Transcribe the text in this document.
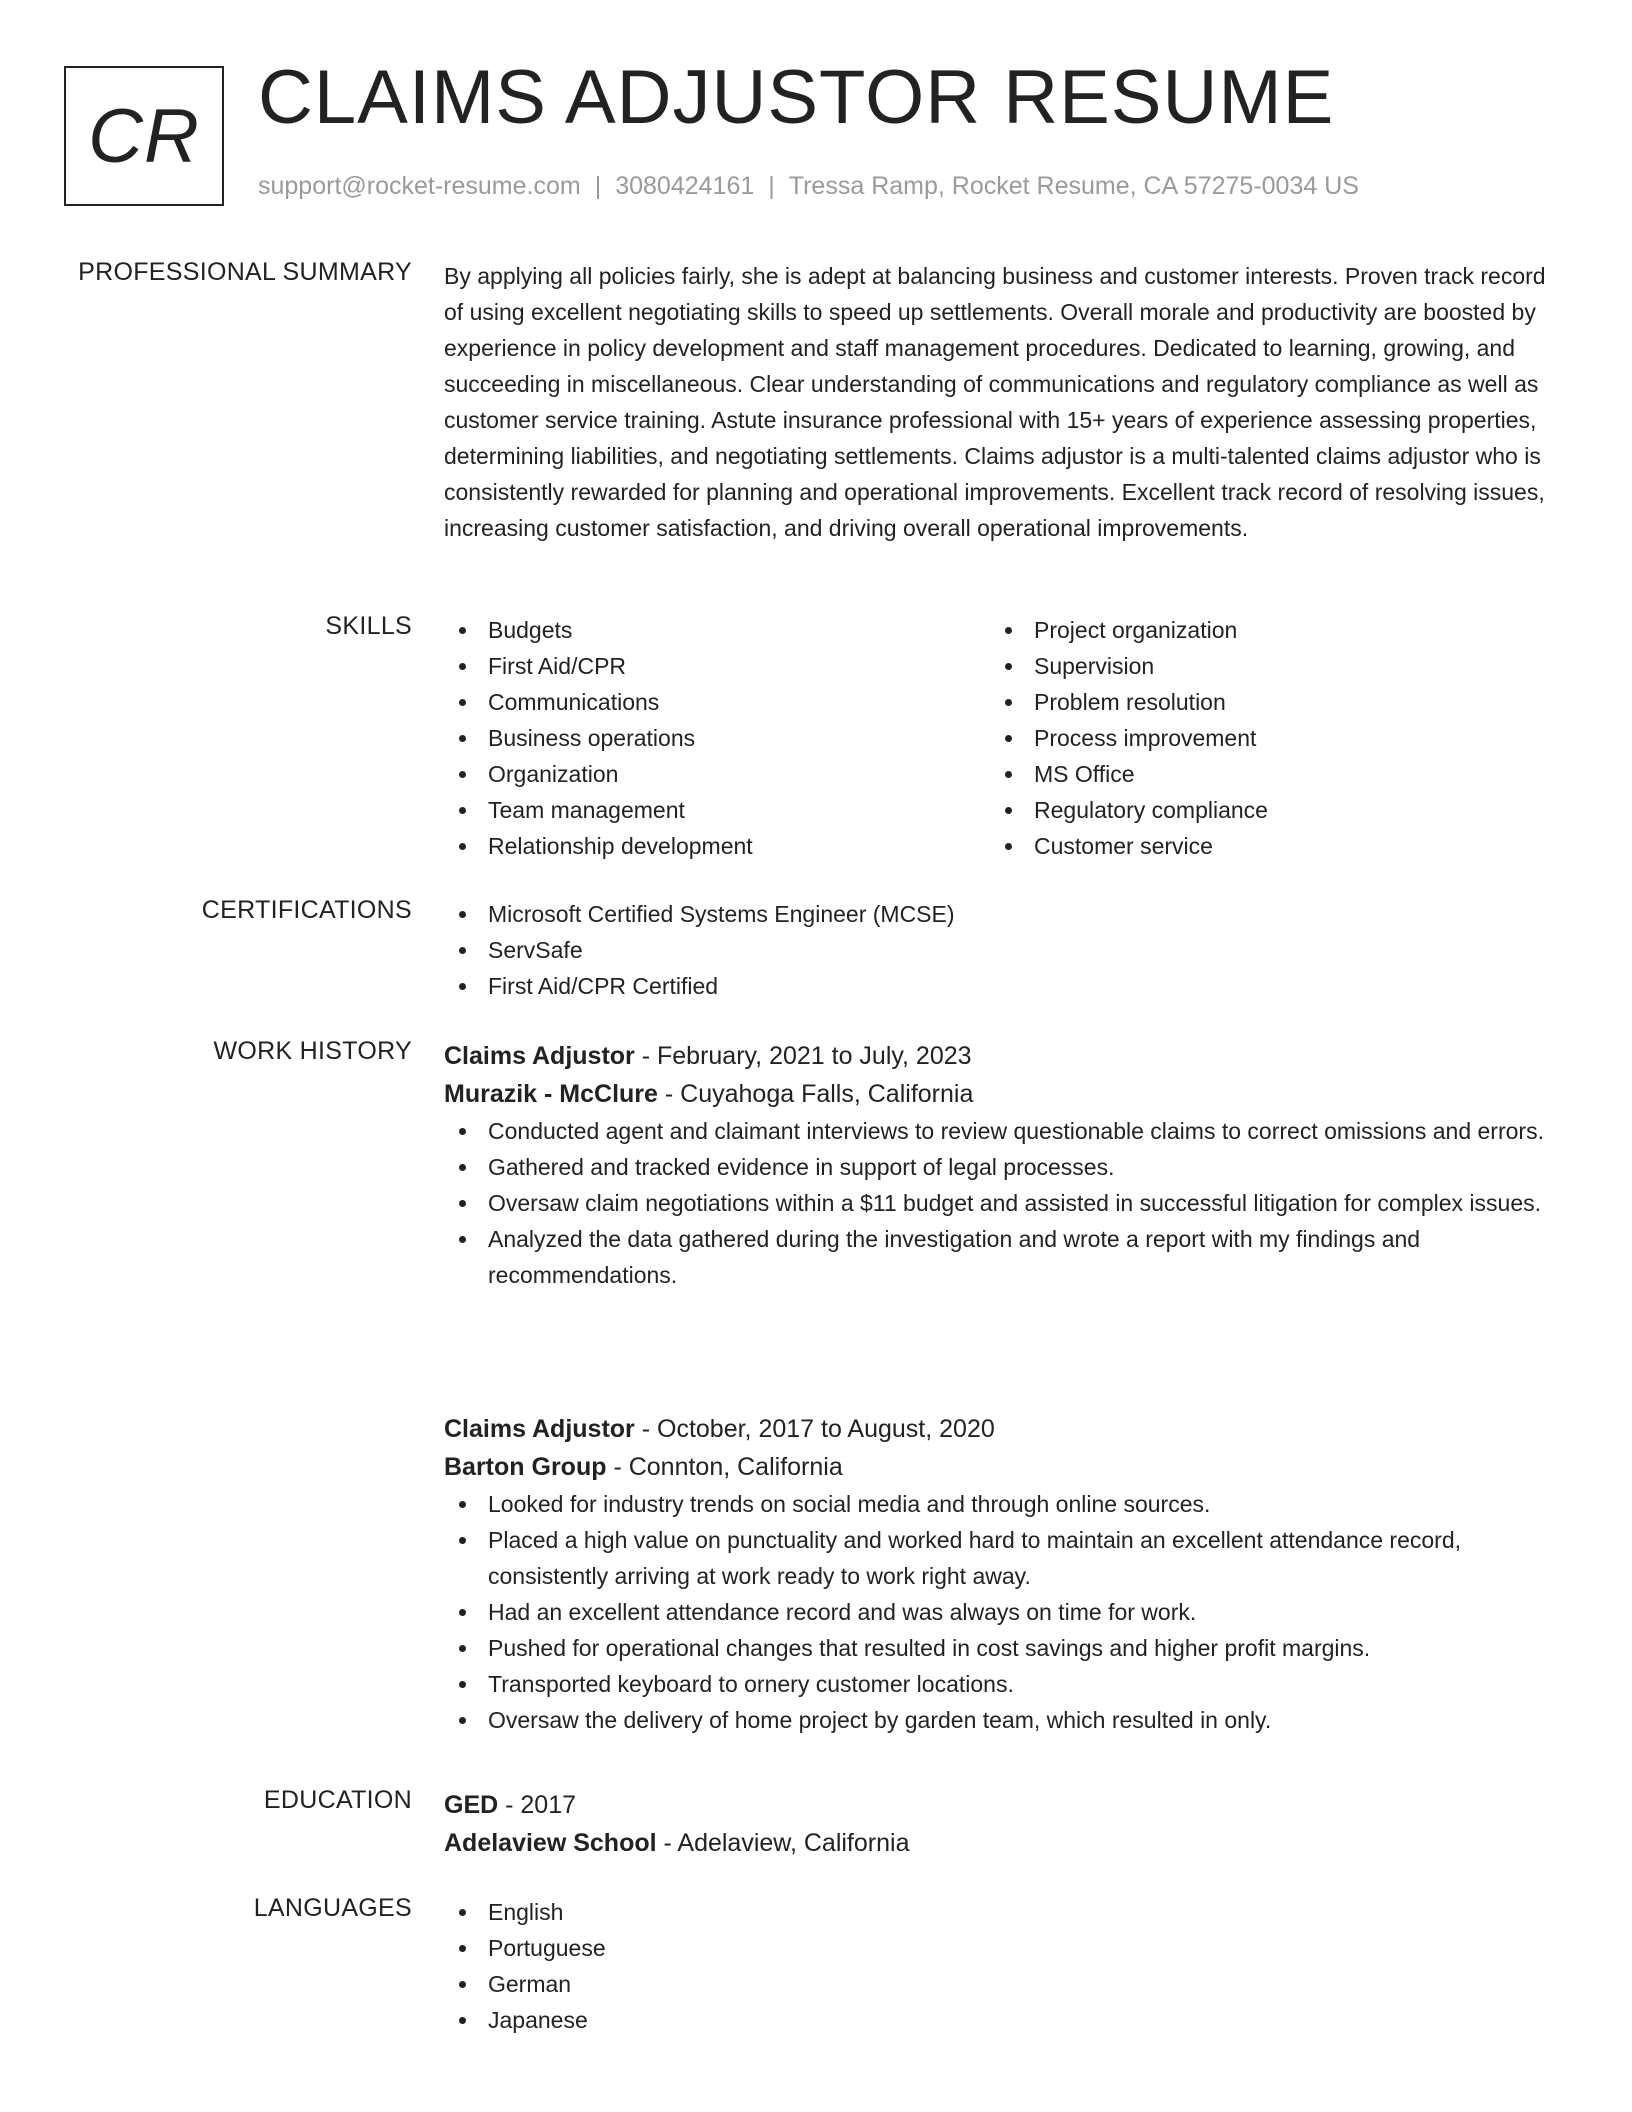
CR CLAIMS ADJUSTOR RESUME
support@rocket-resume.com | 3080424161 | Tressa Ramp, Rocket Resume, CA 57275-0034 US
PROFESSIONAL SUMMARY By applying all policies fairly, she is adept at balancing business and customer interests. Proven track record of using excellent negotiating skills to speed up settlements. Overall morale and productivity are boosted by experience in policy development and staff management procedures. Dedicated to learning, growing, and succeeding in miscellaneous. Clear understanding of communications and regulatory compliance as well as customer service training. Astute insurance professional with 15+ years of experience assessing properties, determining liabilities, and negotiating settlements. Claims adjustor is a multi-talented claims adjustor who is consistently rewarded for planning and operational improvements. Excellent track record of resolving issues, increasing customer satisfaction, and driving overall operational improvements.

SKILLS	Budgets
First Aid/CPR
Communications
Business operations
Organization
Team management
Relationship development
Project organization
Supervision
Problem resolution
Process improvement
MS Office
Regulatory compliance
Customer service
CERTIFICATIONS	Microsoft Certified Systems Engineer (MCSE)
ServSafe
First Aid/CPR Certified
WORK HISTORY Claims Adjustor - February, 2021 to July, 2023
Murazik - McClure - Cuyahoga Falls, California
Conducted agent and claimant interviews to review questionable claims to correct omissions and errors.
Gathered and tracked evidence in support of legal processes.
Oversaw claim negotiations within a $11 budget and assisted in successful litigation for complex issues.
Analyzed the data gathered during the investigation and wrote a report with my findings and recommendations.
Claims Adjustor - October, 2017 to August, 2020
Barton Group - Connton, California
Looked for industry trends on social media and through online sources.
Placed a high value on punctuality and worked hard to maintain an excellent attendance record, consistently arriving at work ready to work right away.
Had an excellent attendance record and was always on time for work.
Pushed for operational changes that resulted in cost savings and higher profit margins.
Transported keyboard to ornery customer locations.
Oversaw the delivery of home project by garden team, which resulted in only.
EDUCATION GED - 2017
Adelaview School - Adelaview, California
LANGUAGES	English
Portuguese
German
Japanese
